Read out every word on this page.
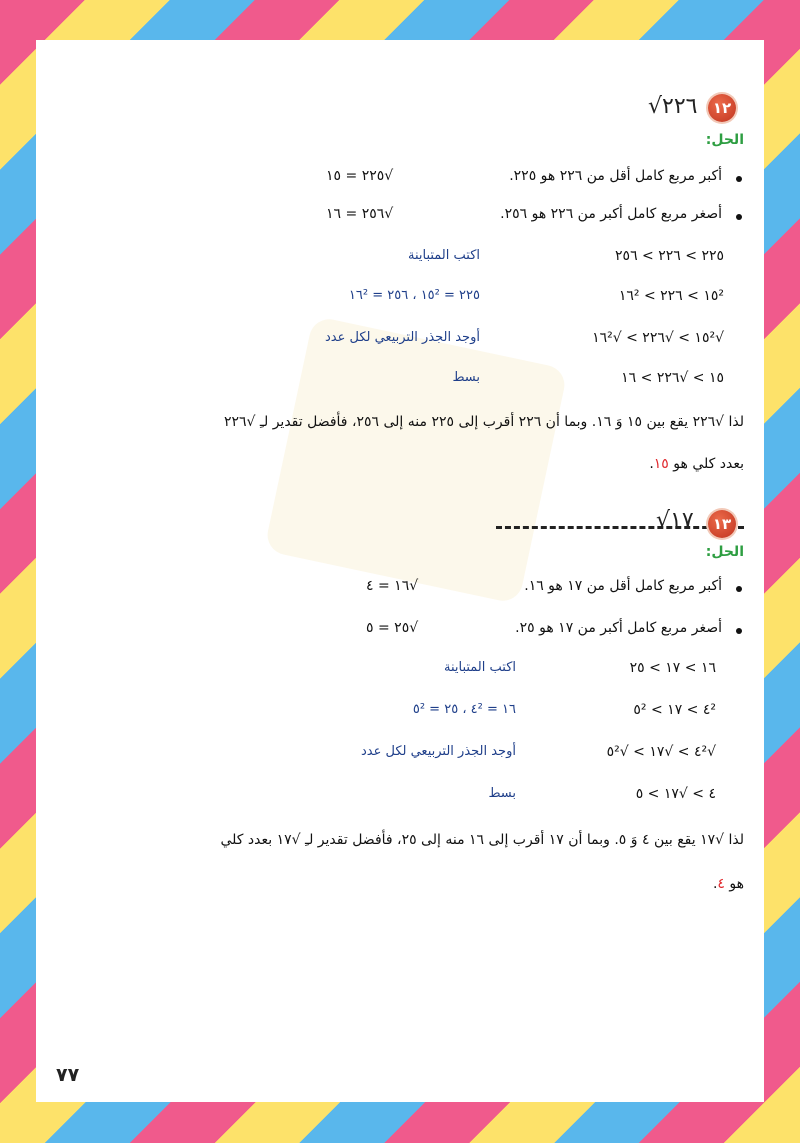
١٢
√٢٢٦
الحل:
أكبر مربع كامل أقل من ٢٢٦ هو ٢٢٥.
√٢٢٥ = ١٥
أصغر مربع كامل أكبر من ٢٢٦ هو ٢٥٦.
√٢٥٦ = ١٦
٢٢٥ > ٢٢٦ > ٢٥٦
اكتب المتباينة
١٥² > ٢٢٦ > ١٦²
٢٢٥ = ١٥² ، ٢٥٦ = ١٦²
√١٥² > √٢٢٦ > √١٦²
أوجد الجذر التربيعي لكل عدد
١٥ > √٢٢٦ > ١٦
بسط
لذا √٢٢٦ يقع بين ١٥ وَ ١٦. وبما أن ٢٢٦ أقرب إلى ٢٢٥ منه إلى ٢٥٦، فأفضل تقدير لـِ √٢٢٦
بعدد كلي هو ١٥.
١٣
√١٧
الحل:
أكبر مربع كامل أقل من ١٧ هو ١٦.
√١٦ = ٤
أصغر مربع كامل أكبر من ١٧ هو ٢٥.
√٢٥ = ٥
١٦ > ١٧ > ٢٥
اكتب المتباينة
٤² > ١٧ > ٥²
١٦ = ٤² ، ٢٥ = ٥²
√٤² > √١٧ > √٥²
أوجد الجذر التربيعي لكل عدد
٤ > √١٧ > ٥
بسط
لذا √١٧ يقع بين ٤ وَ ٥. وبما أن ١٧ أقرب إلى ١٦ منه إلى ٢٥، فأفضل تقدير لـِ √١٧ بعدد كلي
هو ٤.
٧٧
